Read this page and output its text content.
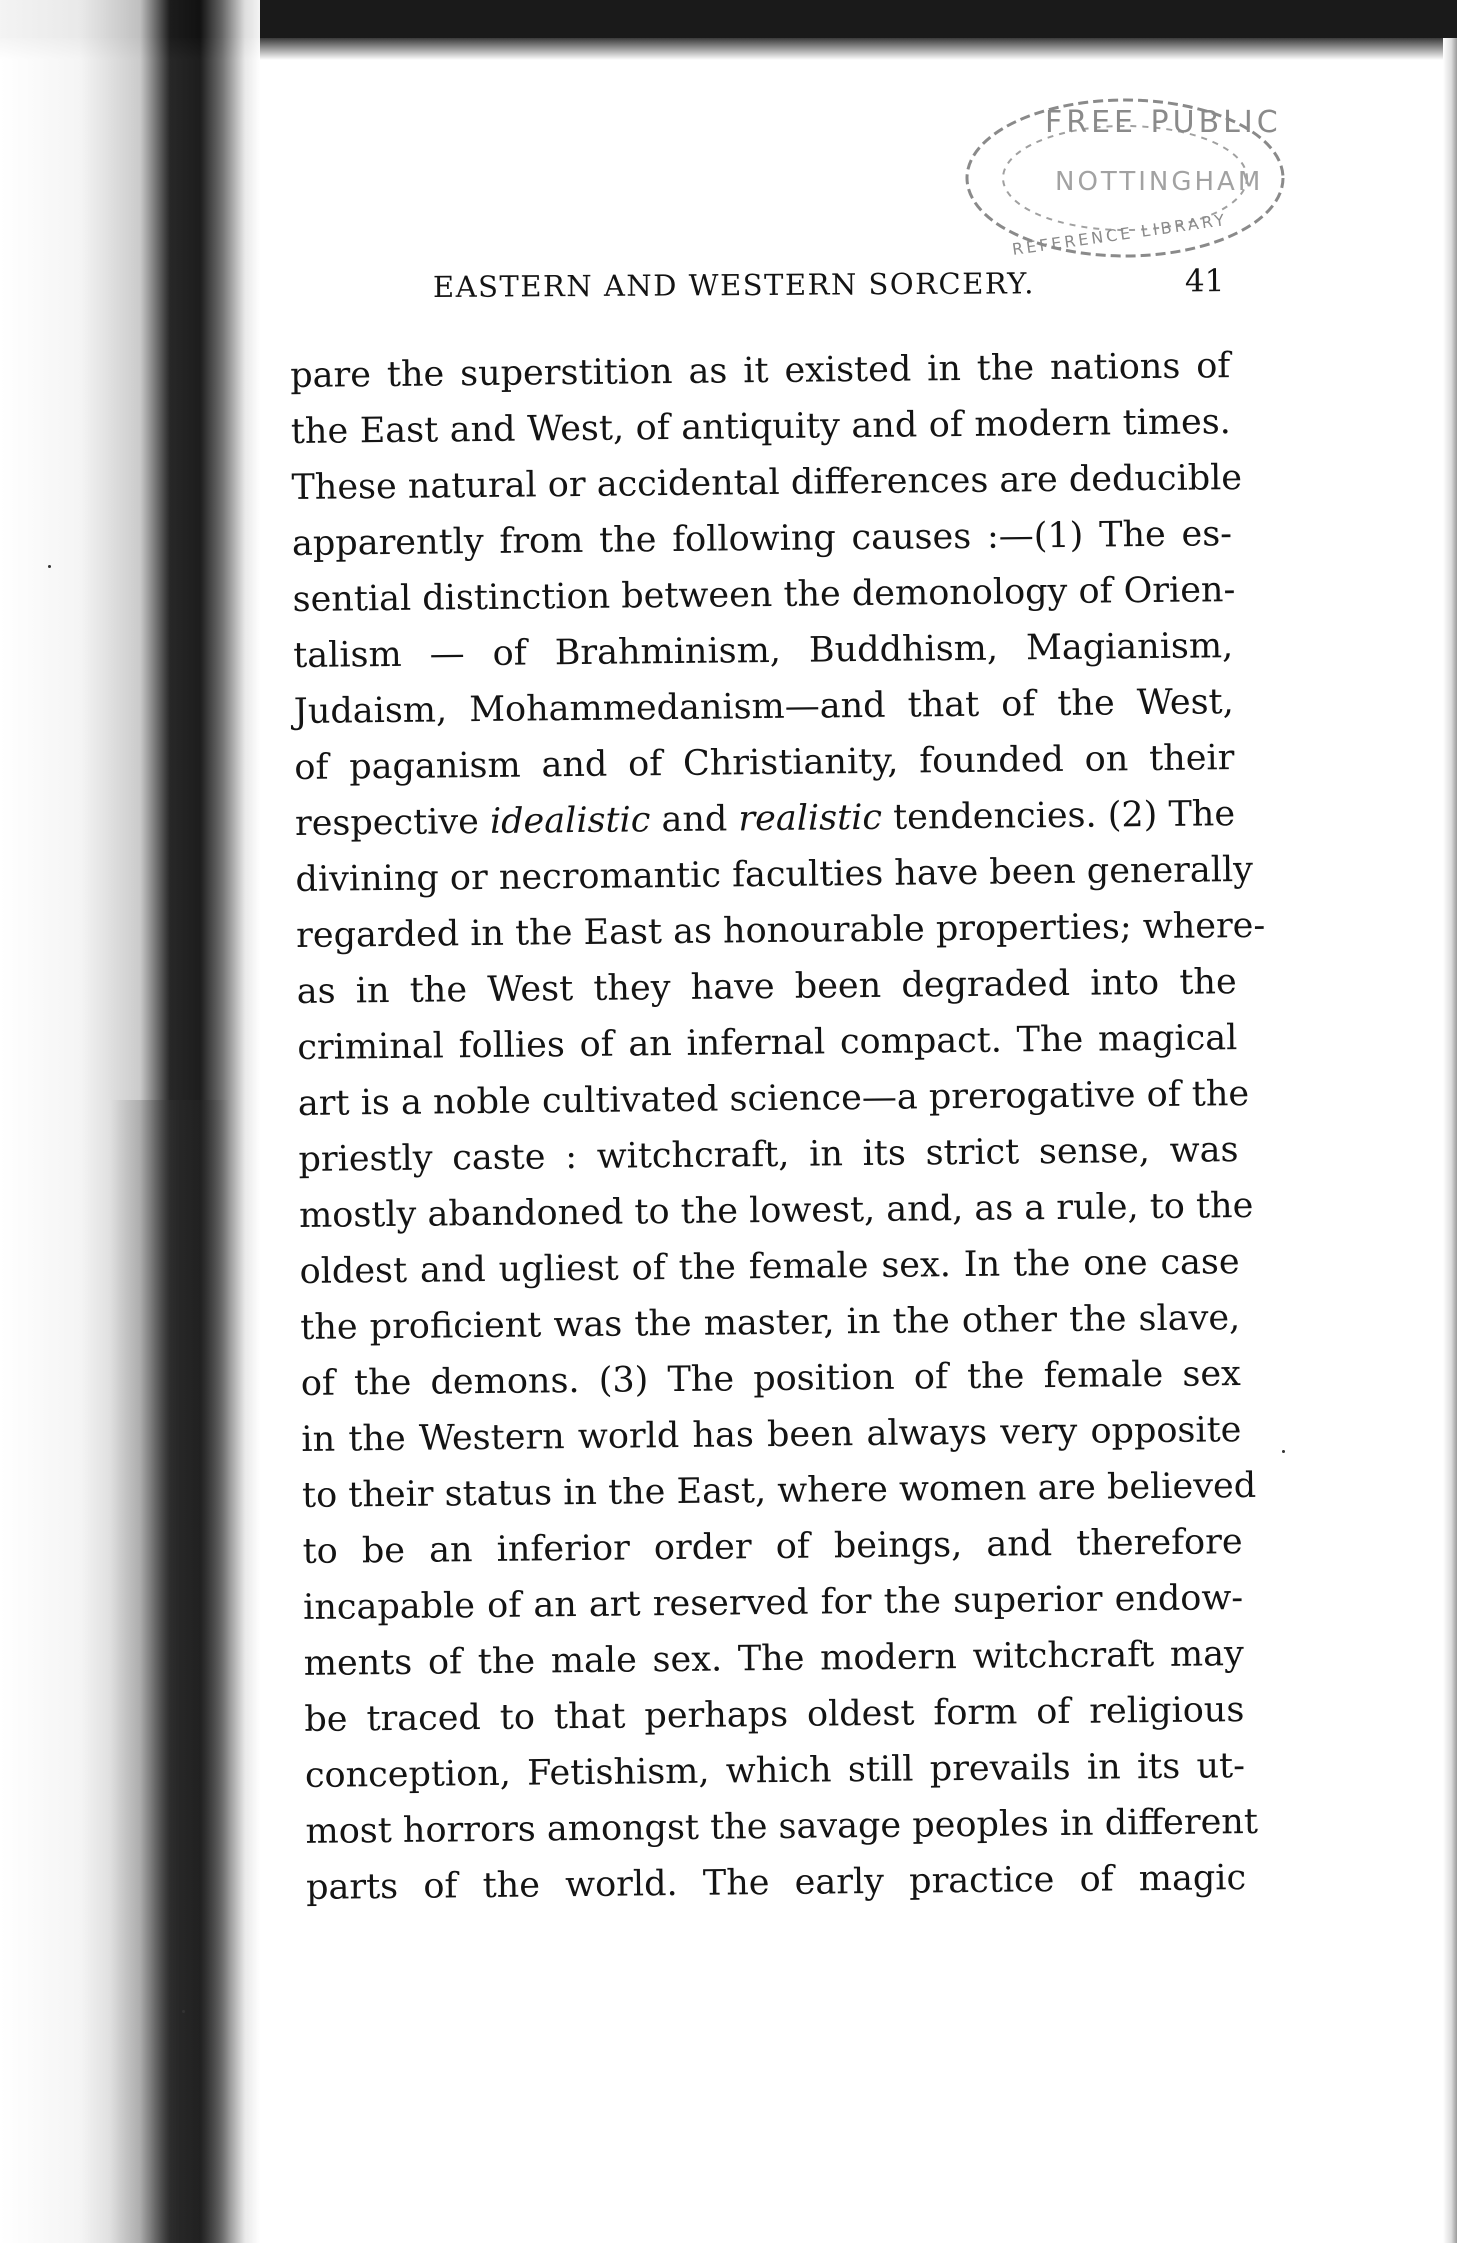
FREE PUBLIC
NOTTINGHAM
REFERENCE LIBRARY
EASTERN AND WESTERN SORCERY.	41
pare the superstition as it existed in the nations of
the East and West, of antiquity and of modern times.
These natural or accidental differences are deducible
apparently from the following causes :—(1) The es-
sential distinction between the demonology of Orien-
talism — of Brahminism, Buddhism, Magianism,
Judaism, Mohammedanism—and that of the West,
of paganism and of Christianity, founded on their
respective idealistic and realistic tendencies. (2) The
divining or necromantic faculties have been generally
regarded in the East as honourable properties; where-
as in the West they have been degraded into the
criminal follies of an infernal compact. The magical
art is a noble cultivated science—a prerogative of the
priestly caste : witchcraft, in its strict sense, was
mostly abandoned to the lowest, and, as a rule, to the
oldest and ugliest of the female sex. In the one case
the proficient was the master, in the other the slave,
of the demons. (3) The position of the female sex
in the Western world has been always very opposite
to their status in the East, where women are believed
to be an inferior order of beings, and therefore
incapable of an art reserved for the superior endow-
ments of the male sex. The modern witchcraft may
be traced to that perhaps oldest form of religious
conception, Fetishism, which still prevails in its ut-
most horrors amongst the savage peoples in different
parts of the world. The early practice of magic
